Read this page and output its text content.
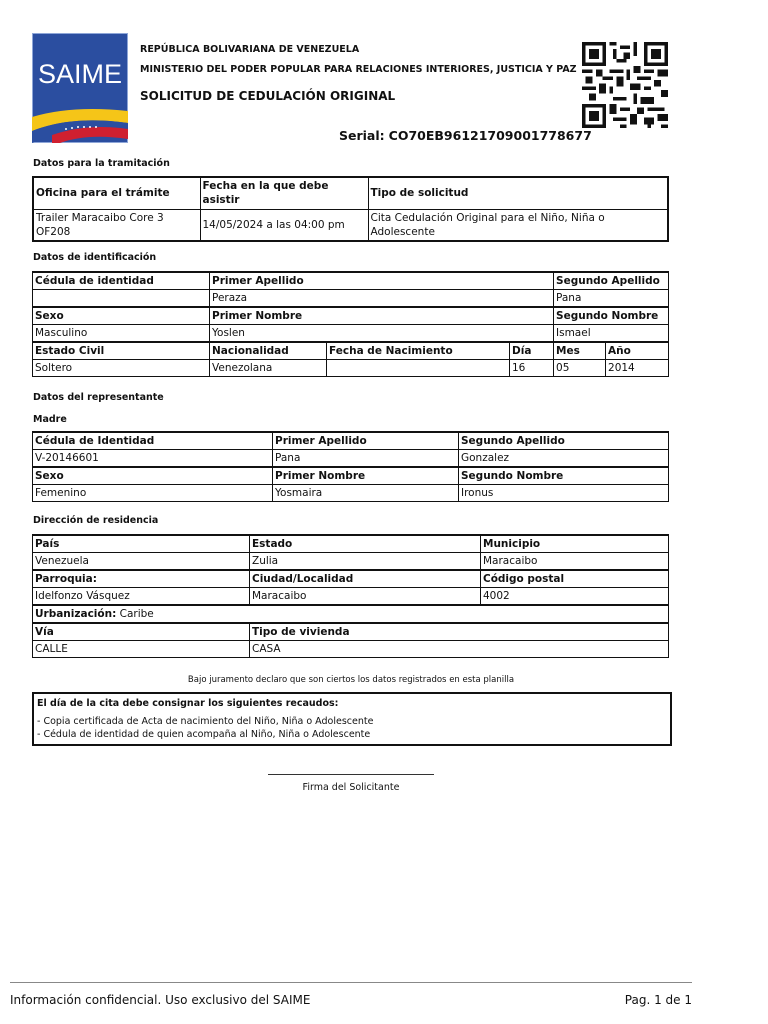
SAIME
REPÚBLICA BOLIVARIANA DE VENEZUELA
MINISTERIO DEL PODER POPULAR PARA RELACIONES INTERIORES, JUSTICIA Y PAZ
SOLICITUD DE CEDULACIÓN ORIGINAL
Serial: CO70EB96121709001778677
Datos para la tramitación
Oficina para el trámite	Fecha en la que debe asistir	Tipo de solicitud
Trailer Maracaibo Core 3 OF208	14/05/2024 a las 04:00 pm	Cita Cedulación Original para el Niño, Niña o Adolescente
Datos de identificación
Cédula de identidad	Primer Apellido			Segundo Apellido	
	Peraza			Pana	
Sexo	Primer Nombre			Segundo Nombre	
Masculino	Yoslen			Ismael	
Estado Civil	Nacionalidad	Fecha de Nacimiento	Día	Mes	Año
Soltero	Venezolana		16	05	2014
Datos del representante
Madre
Cédula de Identidad	Primer Apellido	Segundo Apellido
V-20146601	Pana	Gonzalez
Sexo	Primer Nombre	Segundo Nombre
Femenino	Yosmaira	Ironus
Dirección de residencia
País	Estado	Municipio
Venezuela	Zulia	Maracaibo
Parroquia:	Ciudad/Localidad	Código postal
Idelfonzo Vásquez	Maracaibo	4002
Urbanización: Caribe		
Vía	Tipo de vivienda	
CALLE	CASA	
Bajo juramento declaro que son ciertos los datos registrados en esta planilla
El día de la cita debe consignar los siguientes recaudos:
- Copia certificada de Acta de nacimiento del Niño, Niña o Adolescente
- Cédula de identidad de quien acompaña al Niño, Niña o Adolescente
Firma del Solicitante
Información confidencial. Uso exclusivo del SAIME	Pag. 1 de 1
